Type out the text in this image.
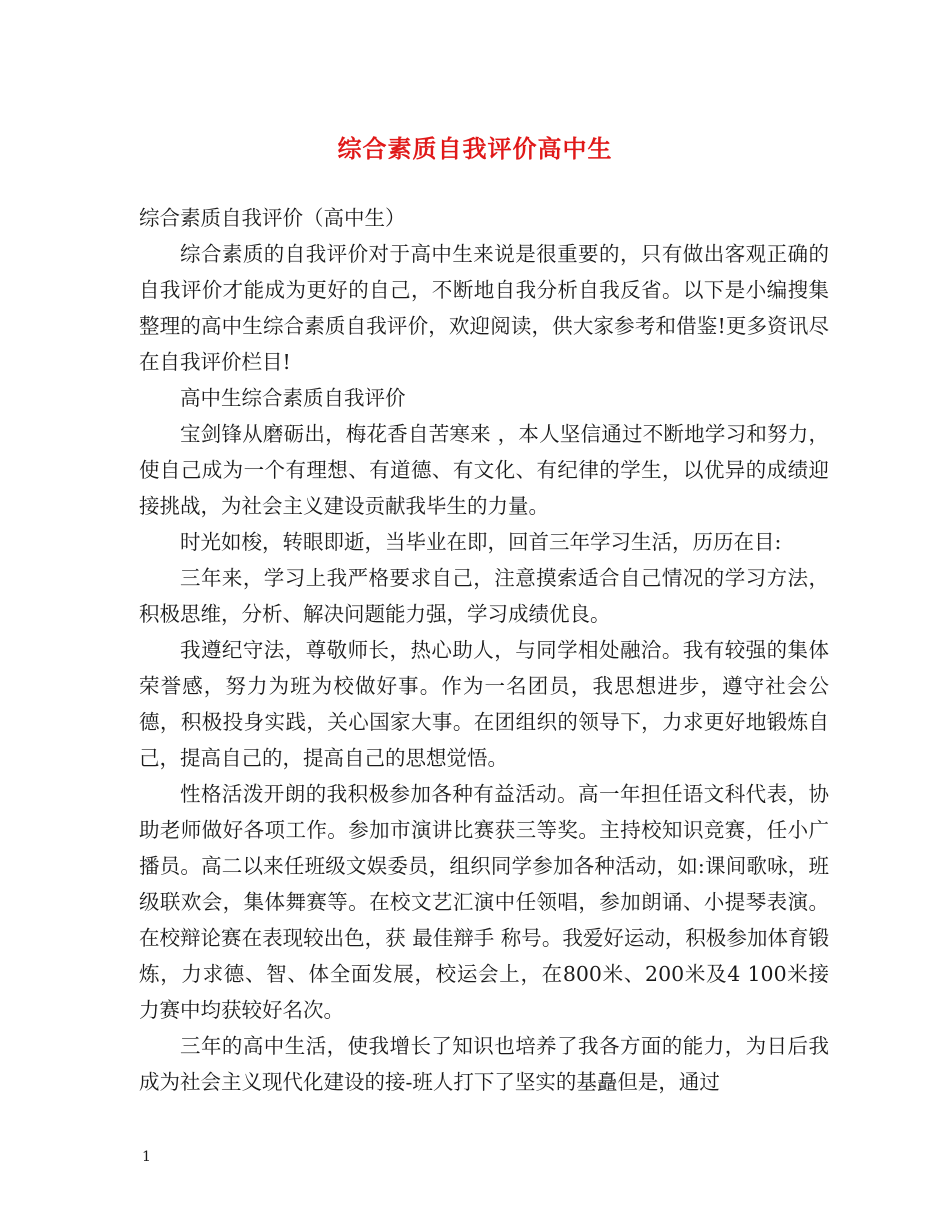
综合素质自我评价高中生

综合素质自我评价（高中生）

综合素质的自我评价对于高中生来说是很重要的，只有做出客观正确的自我评价才能成为更好的自己，不断地自我分析自我反省。以下是小编搜集整理的高中生综合素质自我评价，欢迎阅读，供大家参考和借鉴!更多资讯尽在自我评价栏目!

高中生综合素质自我评价

宝剑锋从磨砺出，梅花香自苦寒来 ，本人坚信通过不断地学习和努力，使自己成为一个有理想、有道德、有文化、有纪律的学生，以优异的成绩迎接挑战，为社会主义建设贡献我毕生的力量。

时光如梭，转眼即逝，当毕业在即，回首三年学习生活，历历在目:

三年来，学习上我严格要求自己，注意摸索适合自己情况的学习方法，积极思维，分析、解决问题能力强，学习成绩优良。

我遵纪守法，尊敬师长，热心助人，与同学相处融洽。我有较强的集体荣誉感，努力为班为校做好事。作为一名团员，我思想进步，遵守社会公德，积极投身实践，关心国家大事。在团组织的领导下，力求更好地锻炼自己，提高自己的，提高自己的思想觉悟。

性格活泼开朗的我积极参加各种有益活动。高一年担任语文科代表，协助老师做好各项工作。参加市演讲比赛获三等奖。主持校知识竞赛，任小广播员。高二以来任班级文娱委员，组织同学参加各种活动，如:课间歌咏，班级联欢会，集体舞赛等。在校文艺汇演中任领唱，参加朗诵、小提琴表演。在校辩论赛在表现较出色，获 最佳辩手 称号。我爱好运动，积极参加体育锻炼，力求德、智、体全面发展，校运会上，在800米、200米及4 100米接力赛中均获较好名次。

三年的高中生活，使我增长了知识也培养了我各方面的能力，为日后我成为社会主义现代化建设的接-班人打下了坚实的基矗但是，通过

1
